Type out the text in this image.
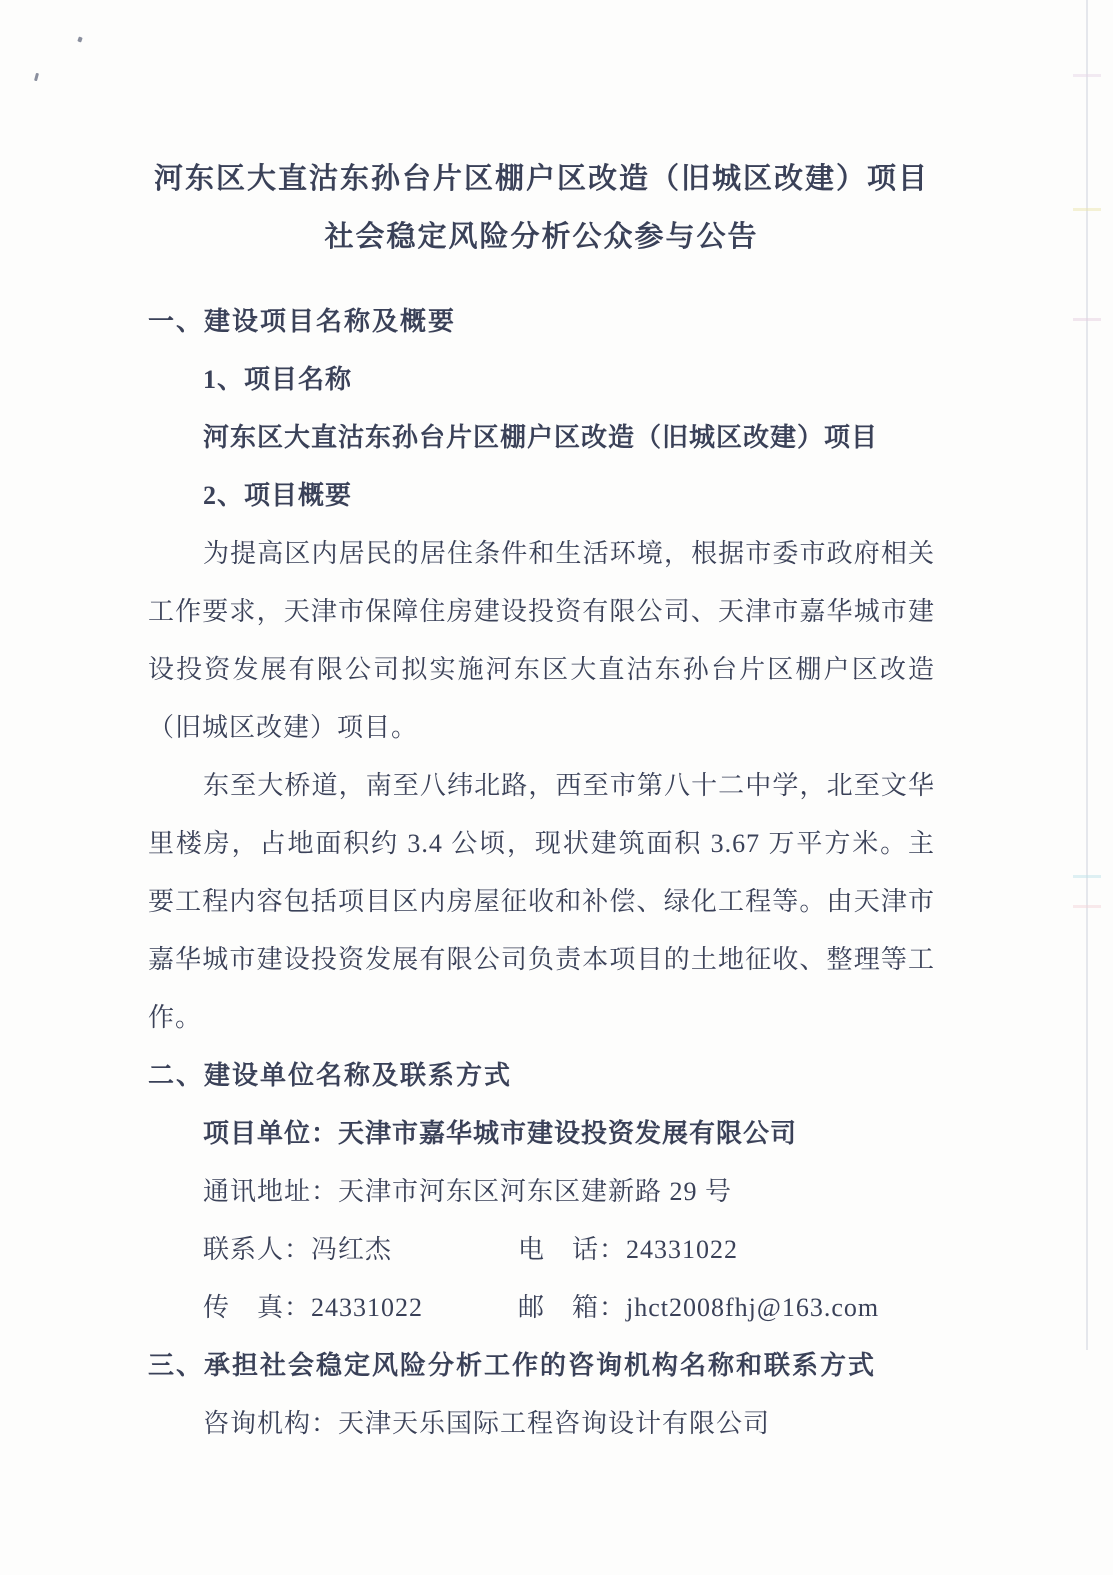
河东区大直沽东孙台片区棚户区改造（旧城区改建）项目
社会稳定风险分析公众参与公告
一、建设项目名称及概要
1、项目名称
河东区大直沽东孙台片区棚户区改造（旧城区改建）项目
2、项目概要

为提高区内居民的居住条件和生活环境，根据市委市政府相关工作要求，天津市保障住房建设投资有限公司、天津市嘉华城市建设投资发展有限公司拟实施河东区大直沽东孙台片区棚户区改造（旧城区改建）项目。

东至大桥道，南至八纬北路，西至市第八十二中学，北至文华里楼房，占地面积约 3.4 公顷，现状建筑面积 3.67 万平方米。主要工程内容包括项目区内房屋征收和补偿、绿化工程等。由天津市嘉华城市建设投资发展有限公司负责本项目的土地征收、整理等工作。

二、建设单位名称及联系方式
项目单位：天津市嘉华城市建设投资发展有限公司
通讯地址：天津市河东区河东区建新路 29 号
联系人：冯红杰	电　话：24331022
传　真：24331022	邮　箱：jhct2008fhj@163.com
三、承担社会稳定风险分析工作的咨询机构名称和联系方式
咨询机构：天津天乐国际工程咨询设计有限公司
